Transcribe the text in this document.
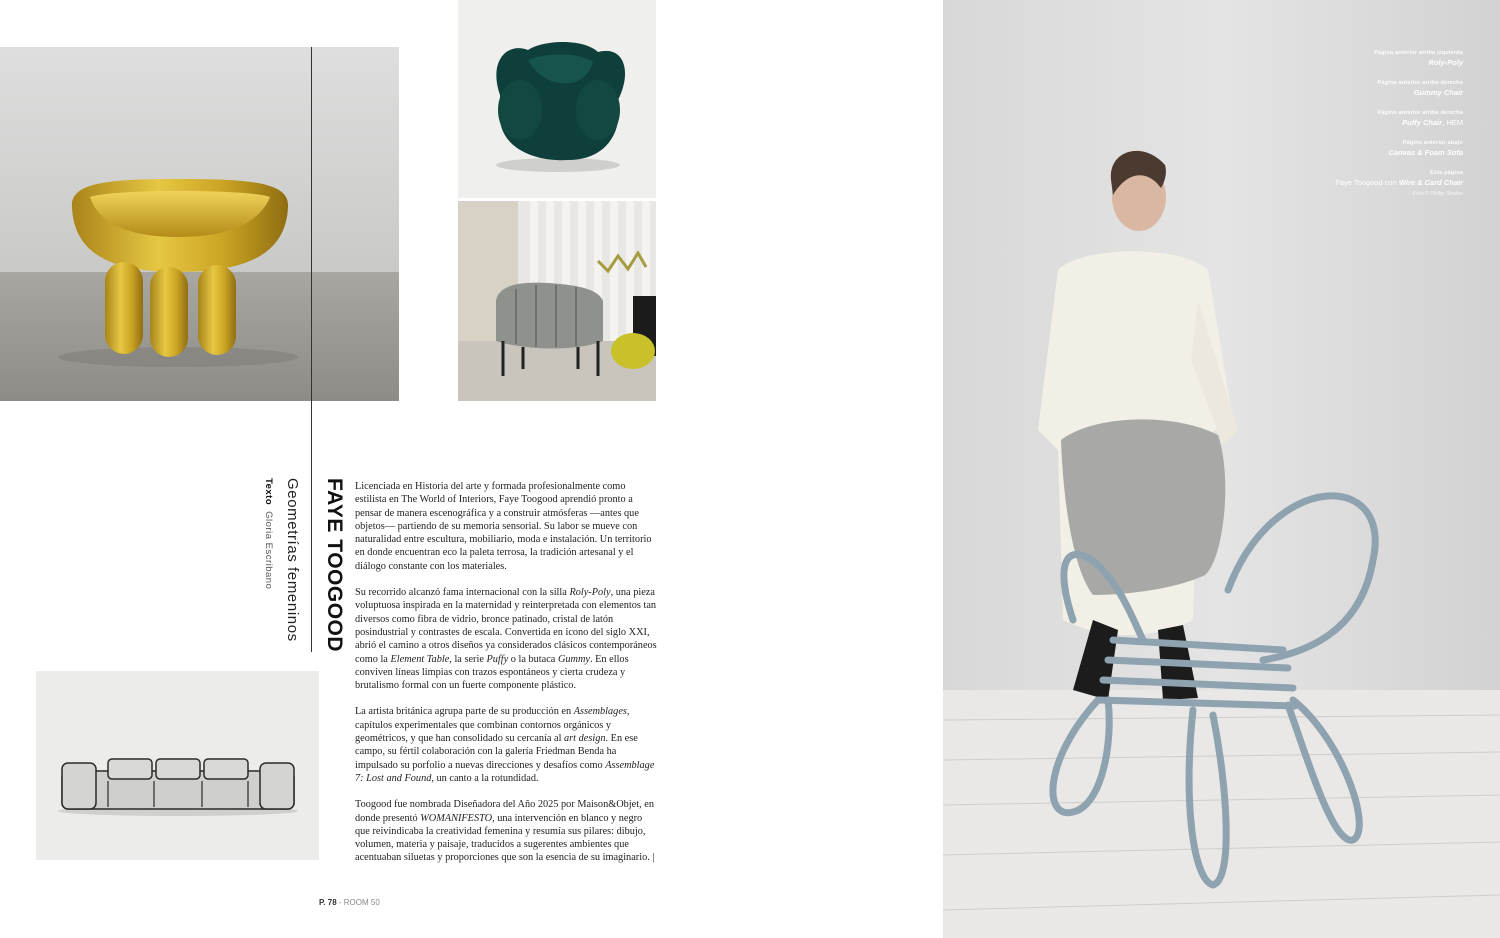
FAYE TOOGOOD
Geometrías femeninos
TextoGloria Escribano

Licenciada en Historia del arte y formada profesionalmente como estilista en The World of Interiors, Faye Toogood aprendió pronto a pensar de manera escenográfica y a construir atmósferas —antes que objetos— partiendo de su memoria sensorial. Su labor se mueve con naturalidad entre escultura, mobiliario, moda e instalación. Un territorio en donde encuentran eco la paleta terrosa, la tradición artesanal y el diálogo constante con los materiales.

Su recorrido alcanzó fama internacional con la silla Roly-Poly, una pieza voluptuosa inspirada en la maternidad y reinterpretada con elementos tan diversos como fibra de vidrio, bronce patinado, cristal de latón posindustrial y contrastes de escala. Convertida en icono del siglo XXI, abrió el camino a otros diseños ya considerados clásicos contemporáneos como la Element Table, la serie Puffy o la butaca Gummy. En ellos conviven líneas limpias con trazos espontáneos y cierta crudeza y brutalismo formal con un fuerte componente plástico.

La artista británica agrupa parte de su producción en Assemblages, capítulos experimentales que combinan contornos orgánicos y geométricos, y que han consolidado su cercanía al art design. En ese campo, su fértil colaboración con la galería Friedman Benda ha impulsado su porfolio a nuevas direcciones y desafíos como Assemblage 7: Lost and Found, un canto a la rotundidad.

Toogood fue nombrada Diseñadora del Año 2025 por Maison&Objet, en donde presentó WOMANIFESTO, una intervención en blanco y negro que reivindicaba la creatividad femenina y resumía sus pilares: dibujo, volumen, materia y paisaje, traducidos a sugerentes ambientes que acentuaban siluetas y proporciones que son la esencia de su imaginario. |

P. 78 - ROOM 50
Página anterior arriba izquierda
Roly-Poly
Página anterior arriba derecha
Gummy Chair
Página anterior arriba derecha
Puffy Chair, HEM
Página anterior abajo
Canvas & Foam Sofa
Esta página
Faye Toogood con Wire & Card Chair
Foto © Philip Sinden
